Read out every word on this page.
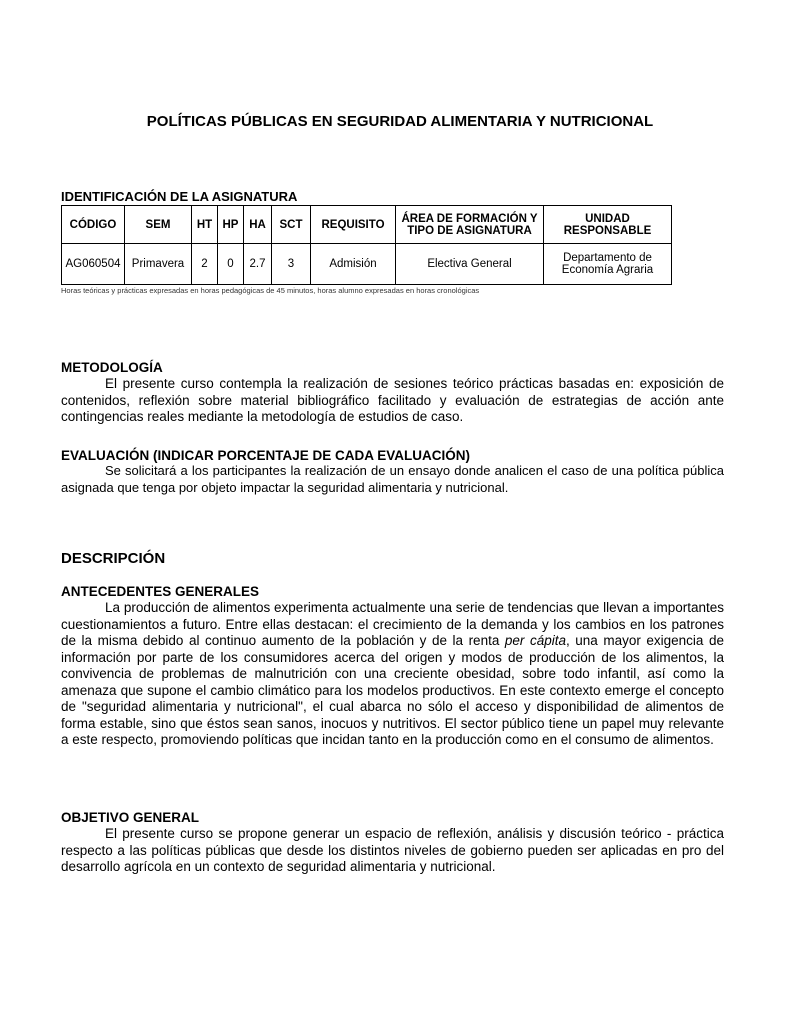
POLÍTICAS PÚBLICAS EN SEGURIDAD ALIMENTARIA Y NUTRICIONAL
IDENTIFICACIÓN DE LA ASIGNATURA
CÓDIGO	SEM	HT	HP	HA	SCT	REQUISITO	ÁREA DE FORMACIÓN Y TIPO DE ASIGNATURA	UNIDAD RESPONSABLE
AG060504	Primavera	2	0	2.7	3	Admisión	Electiva General	Departamento de Economía Agraria
Horas teóricas y prácticas expresadas en horas pedagógicas de 45 minutos, horas alumno expresadas en horas cronológicas
METODOLOGÍA

El presente curso contempla la realización de sesiones teórico prácticas basadas en: exposición de contenidos, reflexión sobre material bibliográfico facilitado y evaluación de estrategias de acción ante contingencias reales mediante la metodología de estudios de caso.

EVALUACIÓN (INDICAR PORCENTAJE DE CADA EVALUACIÓN)

Se solicitará a los participantes la realización de un ensayo donde analicen el caso de una política pública asignada que tenga por objeto impactar la seguridad alimentaria y nutricional.

DESCRIPCIÓN
ANTECEDENTES GENERALES

La producción de alimentos experimenta actualmente una serie de tendencias que llevan a importantes cuestionamientos a futuro. Entre ellas destacan: el crecimiento de la demanda y los cambios en los patrones de la misma debido al continuo aumento de la población y de la renta per cápita, una mayor exigencia de información por parte de los consumidores acerca del origen y modos de producción de los alimentos, la convivencia de problemas de malnutrición con una creciente obesidad, sobre todo infantil, así como la amenaza que supone el cambio climático para los modelos productivos. En este contexto emerge el concepto de "seguridad alimentaria y nutricional", el cual abarca no sólo el acceso y disponibilidad de alimentos de forma estable, sino que éstos sean sanos, inocuos y nutritivos. El sector público tiene un papel muy relevante a este respecto, promoviendo políticas que incidan tanto en la producción como en el consumo de alimentos.

OBJETIVO GENERAL

El presente curso se propone generar un espacio de reflexión, análisis y discusión teórico - práctica respecto a las políticas públicas que desde los distintos niveles de gobierno pueden ser aplicadas en pro del desarrollo agrícola en un contexto de seguridad alimentaria y nutricional.
